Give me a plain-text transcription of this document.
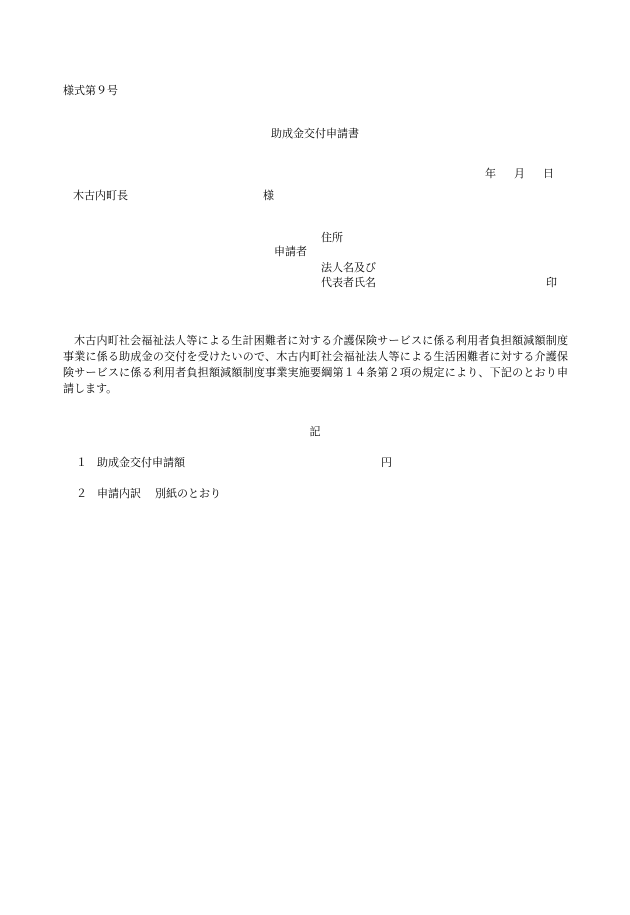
様式第９号
助成金交付申請書

年 月 日

木古内町長

	様

住所
申請者
法人名及び
代表者氏名	印
木古内町社会福祉法人等による生計困難者に対する介護保険サービスに係る利用者負担額減額制度事業に係る助成金の交付を受けたいので、木古内町社会福祉法人等による生活困難者に対する介護保険サービスに係る利用者負担額減額制度事業実施要綱第１４条第２項の規定により、下記のとおり申請します。
記
１ 助成金交付申請額	円
２ 申請内訳 別紙のとおり
